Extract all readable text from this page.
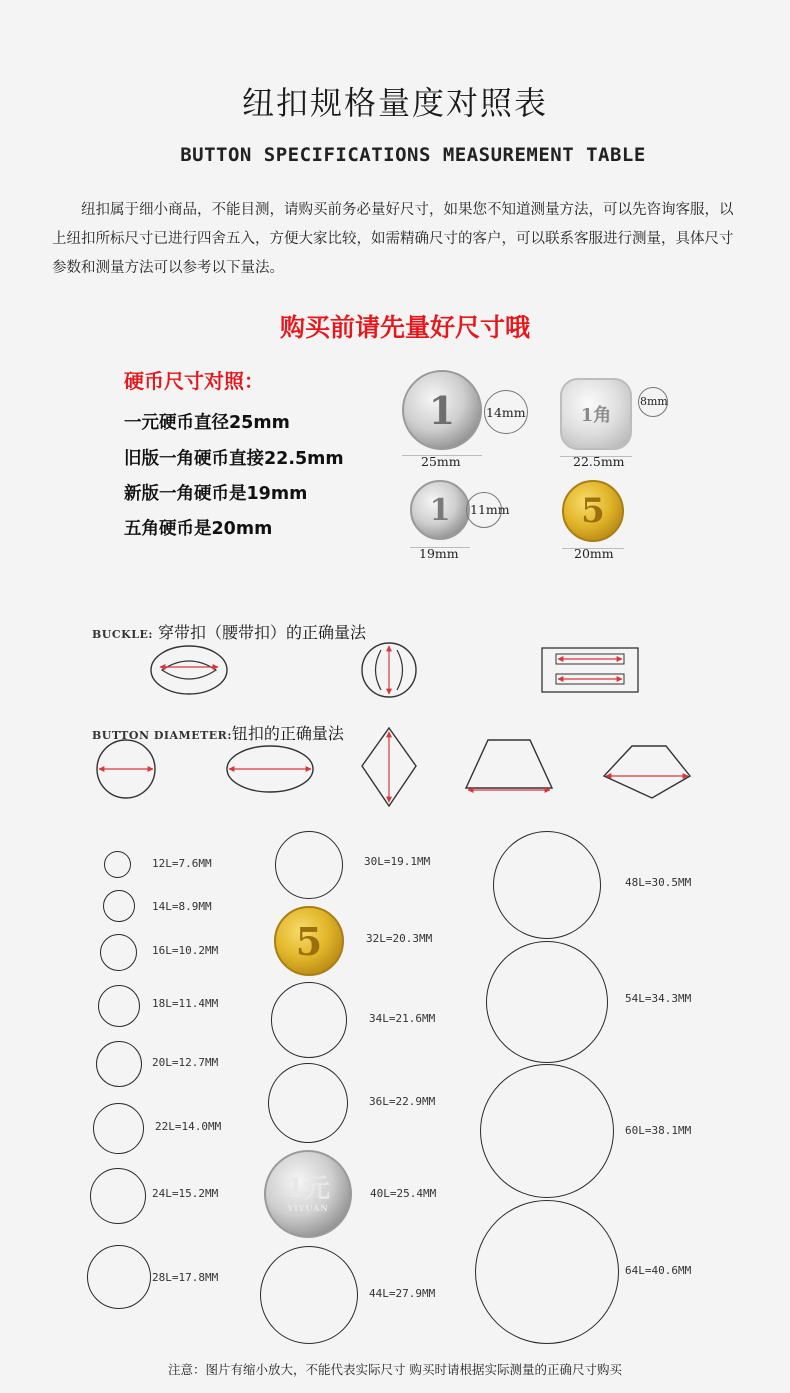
纽扣规格量度对照表
BUTTON SPECIFICATIONS MEASUREMENT TABLE
纽扣属于细小商品，不能目测，请购买前务必量好尺寸，如果您不知道测量方法，可以先咨询客服，以上纽扣所标尺寸已进行四舍五入，方便大家比较，如需精确尺寸的客户，可以联系客服进行测量，具体尺寸参数和测量方法可以参考以下量法。
购买前请先量好尺寸哦
硬币尺寸对照：
一元硬币直径25mm
旧版一角硬币直接22.5mm
新版一角硬币是19mm
五角硬币是20mm
1	14mm
25mm
1角
8mm
22.5mm
1	11mm
19mm
5
20mm
BUCKLE: 穿带扣（腰带扣）的正确量法
BUTTON DIAMETER:钮扣的正确量法
12L=7.6MM
14L=8.9MM
16L=10.2MM
18L=11.4MM
20L=12.7MM
22L=14.0MM
24L=15.2MM
28L=17.8MM
30L=19.1MM
5	32L=20.3MM
34L=21.6MM
36L=22.9MM
1元
YIYUAN
40L=25.4MM
44L=27.9MM
48L=30.5MM
54L=34.3MM
60L=38.1MM
64L=40.6MM
注意：图片有缩小放大，不能代表实际尺寸 购买时请根据实际测量的正确尺寸购买
